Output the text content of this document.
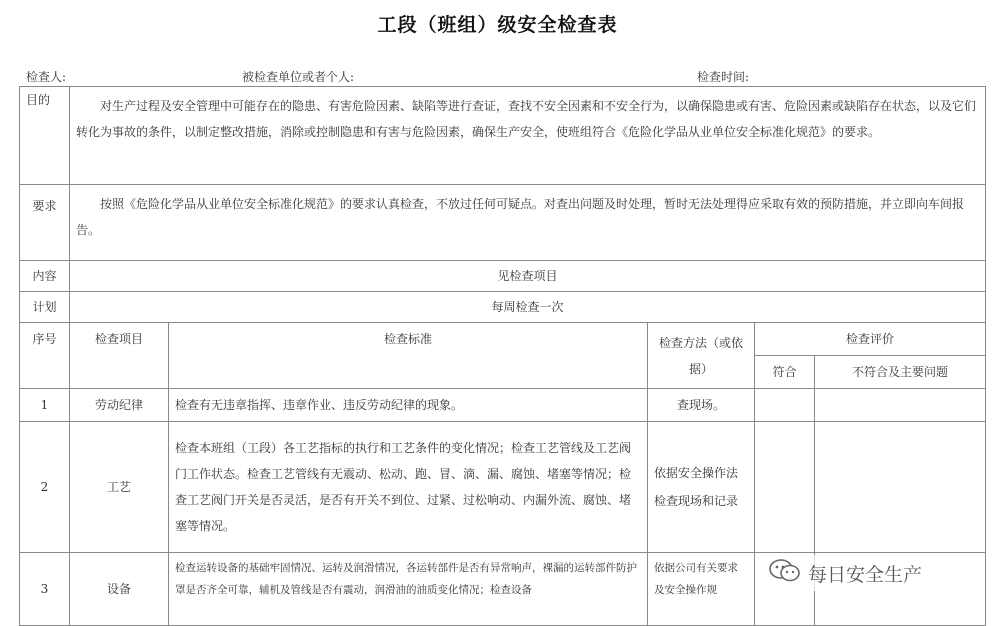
工段（班组）级安全检查表
检查人:	被检查单位或者个人:	检查时间:
目的	对生产过程及安全管理中可能存在的隐患、有害危险因素、缺陷等进行查证，查找不安全因素和不安全行为，以确保隐患或有害、危险因素或缺陷存在状态，以及它们转化为事故的条件，以制定整改措施，消除或控制隐患和有害与危险因素，确保生产安全，使班组符合《危险化学品从业单位安全标准化规范》的要求。				
要求	按照《危险化学品从业单位安全标准化规范》的要求认真检查，不放过任何可疑点。对查出问题及时处理，暂时无法处理得应采取有效的预防措施，并立即向车间报告。				
内容	见检查项目				
计划	每周检查一次				
序号	检查项目	检查标准	检查方法（或依据）	检查评价	
				符合	不符合及主要问题
1	劳动纪律	检查有无违章指挥、违章作业、违反劳动纪律的现象。	查现场。		
2	工艺	检查本班组（工段）各工艺指标的执行和工艺条件的变化情况；检查工艺管线及工艺阀门工作状态。检查工艺管线有无震动、松动、跑、冒、滴、漏、腐蚀、堵塞等情况；检查工艺阀门开关是否灵活，是否有开关不到位、过紧、过松响动、内漏外流、腐蚀、堵塞等情况。	依据安全操作法检查现场和记录		
3	设备	检查运转设备的基础牢固情况、运转及润滑情况，各运转部件是否有异常响声，裸漏的运转部件防护罩是否齐全可靠，辅机及管线是否有震动，润滑油的油质变化情况；检查设备	依据公司有关要求及安全操作规		
每日安全生产
